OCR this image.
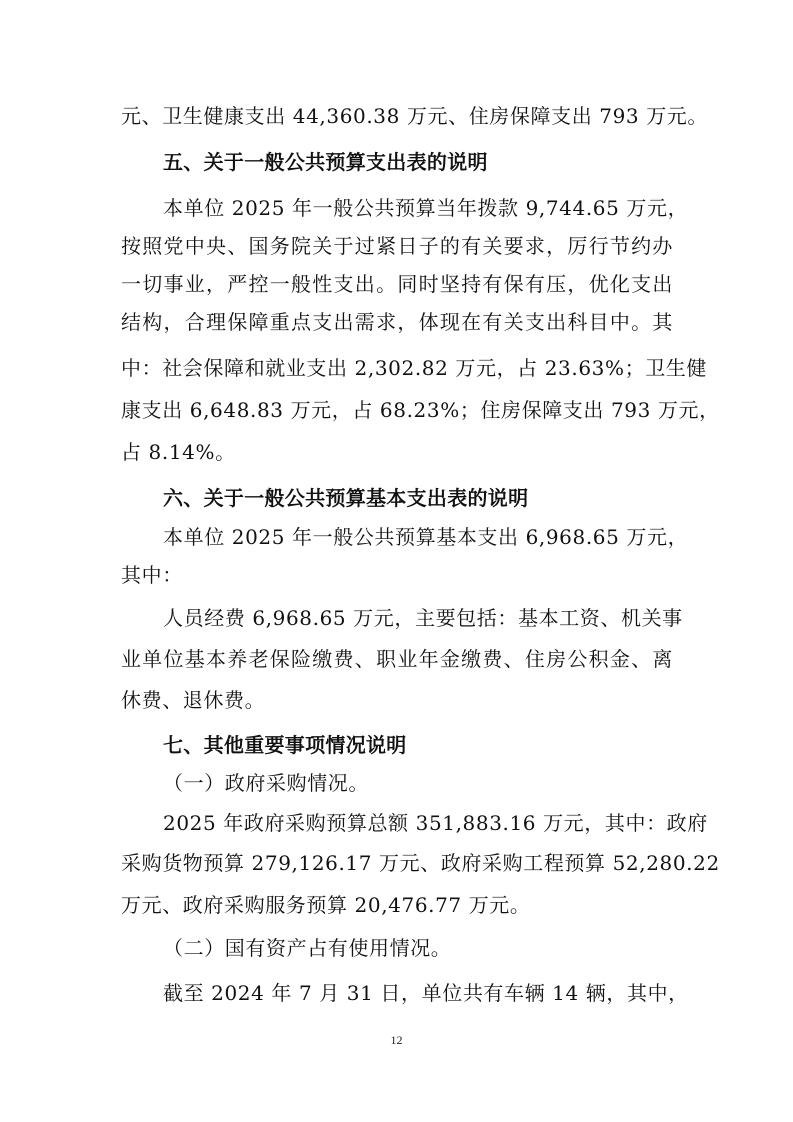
元、卫生健康支出 44,360.38 万元、住房保障支出 793 万元。
五、关于一般公共预算支出表的说明
本单位 2025 年一般公共预算当年拨款 9,744.65 万元，
按照党中央、国务院关于过紧日子的有关要求，厉行节约办
一切事业，严控一般性支出。同时坚持有保有压，优化支出
结构，合理保障重点支出需求，体现在有关支出科目中。其
中：社会保障和就业支出 2,302.82 万元，占 23.63%；卫生健
康支出 6,648.83 万元，占 68.23%；住房保障支出 793 万元，
占 8.14%。
六、关于一般公共预算基本支出表的说明
本单位 2025 年一般公共预算基本支出 6,968.65 万元，
其中：
人员经费 6,968.65 万元，主要包括：基本工资、机关事
业单位基本养老保险缴费、职业年金缴费、住房公积金、离
休费、退休费。
七、其他重要事项情况说明
（一）政府采购情况。
2025 年政府采购预算总额 351,883.16 万元，其中：政府
采购货物预算 279,126.17 万元、政府采购工程预算 52,280.22
万元、政府采购服务预算 20,476.77 万元。
（二）国有资产占有使用情况。
截至 2024 年 7 月 31 日，单位共有车辆 14 辆，其中，
12
